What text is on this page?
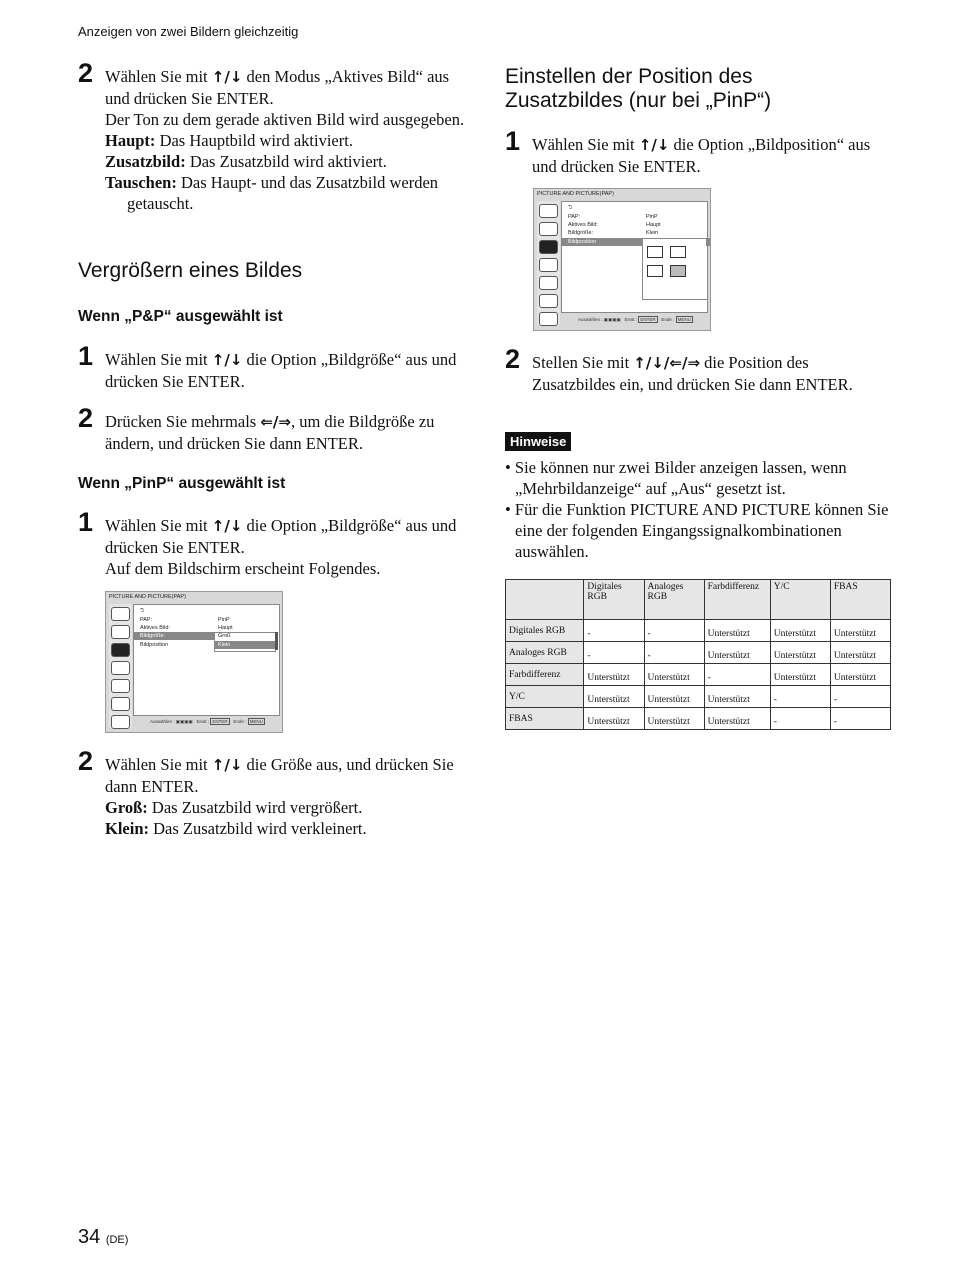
Anzeigen von zwei Bildern gleichzeitig
2 Wählen Sie mit ↑/↓ den Modus „Aktives Bild“ aus und drücken Sie ENTER.

Der Ton zu dem gerade aktiven Bild wird ausgegeben.

Haupt: Das Hauptbild wird aktiviert.

Zusatzbild: Das Zusatzbild wird aktiviert.

Tauschen: Das Haupt- und das Zusatzbild werden getauscht.

Vergrößern eines Bildes
Wenn „P&P“ ausgewählt ist
1 Wählen Sie mit ↑/↓ die Option „Bildgröße“ aus und drücken Sie ENTER.

2 Drücken Sie mehrmals ⇐/⇒, um die Bildgröße zu ändern, und drücken Sie dann ENTER.

Wenn „PinP“ ausgewählt ist
1 Wählen Sie mit ↑/↓ die Option „Bildgröße“ aus und drücken Sie ENTER.

Auf dem Bildschirm erscheint Folgendes.

PICTURE AND PICTURE(PAP)
⮌
PAP:	PinP
Aktives Bild:	Haupt
Bildgröße:	Groß
Bildposition	Klein
Auswählen : ▣▣▣▣   Einst : ENTER Ende : MENU
2 Wählen Sie mit ↑/↓ die Größe aus, und drücken Sie dann ENTER.

Groß: Das Zusatzbild wird vergrößert.

Klein: Das Zusatzbild wird verkleinert.

Einstellen der Position des
Zusatzbildes (nur bei „PinP“)
1 Wählen Sie mit ↑/↓ die Option „Bildposition“ aus und drücken Sie ENTER.

PICTURE AND PICTURE(PAP)
⮌
PAP:	PinP
Aktives Bild:	Haupt
Bildgröße:	Klein
Bildposition
Auswählen : ▣▣▣▣   Einst : ENTER Ende : MENU
2 Stellen Sie mit ↑/↓/⇐/⇒ die Position des Zusatzbildes ein, und drücken Sie dann ENTER.

Hinweise

• Sie können nur zwei Bilder anzeigen lassen, wenn „Mehrbildanzeige“ auf „Aus“ gesetzt ist.

• Für die Funktion PICTURE AND PICTURE können Sie eine der folgenden Eingangssignalkombinationen auswählen.

	Digitales RGB	Analoges RGB	Farbdifferenz	Y/C	FBAS
Digitales RGB	-	-	Unterstützt	Unterstützt	Unterstützt
Analoges RGB	-	-	Unterstützt	Unterstützt	Unterstützt
Farbdifferenz	Unterstützt	Unterstützt	-	Unterstützt	Unterstützt
Y/C	Unterstützt	Unterstützt	Unterstützt	-	-
FBAS	Unterstützt	Unterstützt	Unterstützt	-	-
34 (DE)
